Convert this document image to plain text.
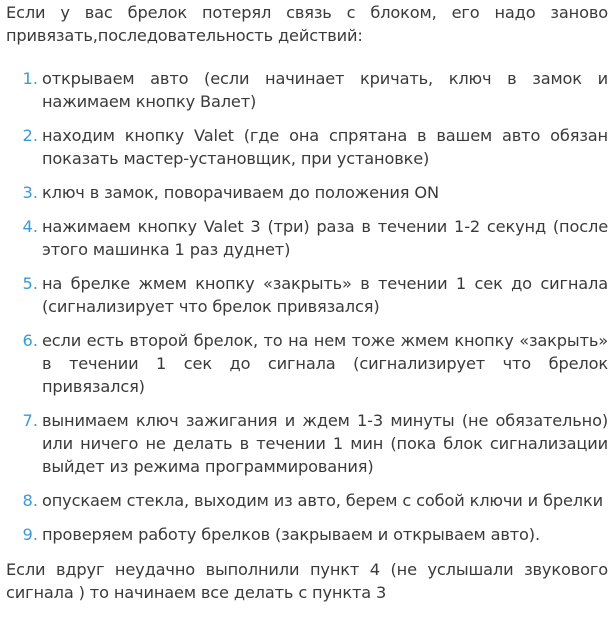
Если у вас брелок потерял связь с блоком, его надо заново привязать,последовательность действий:

1. открываем авто (если начинает кричать, ключ в замок и нажимаем кнопку Валет)

2. находим кнопку Valet (где она спрятана в вашем авто обязан показать мастер-установщик, при установке)

3. ключ в замок, поворачиваем до положения ON

4. нажимаем кнопку Valet 3 (три) раза в течении 1-2 секунд (после этого машинка 1 раз дуднет)

5. на брелке жмем кнопку «закрыть» в течении 1 сек до сигнала (сигнализирует что брелок привязался)

6. если есть второй брелок, то на нем тоже жмем кнопку «закрыть» в течении 1 сек до сигнала (сигнализирует что брелок привязался)

7. вынимаем ключ зажигания и ждем 1-3 минуты (не обязательно) или ничего не делать в течении 1 мин (пока блок сигнализации выйдет из режима программирования)

8. опускаем стекла, выходим из авто, берем с собой ключи и брелки

9. проверяем работу брелков (закрываем и открываем авто).

Если вдруг неудачно выполнили пункт 4 (не услышали звукового сигнала ) то начинаем все делать с пункта 3
